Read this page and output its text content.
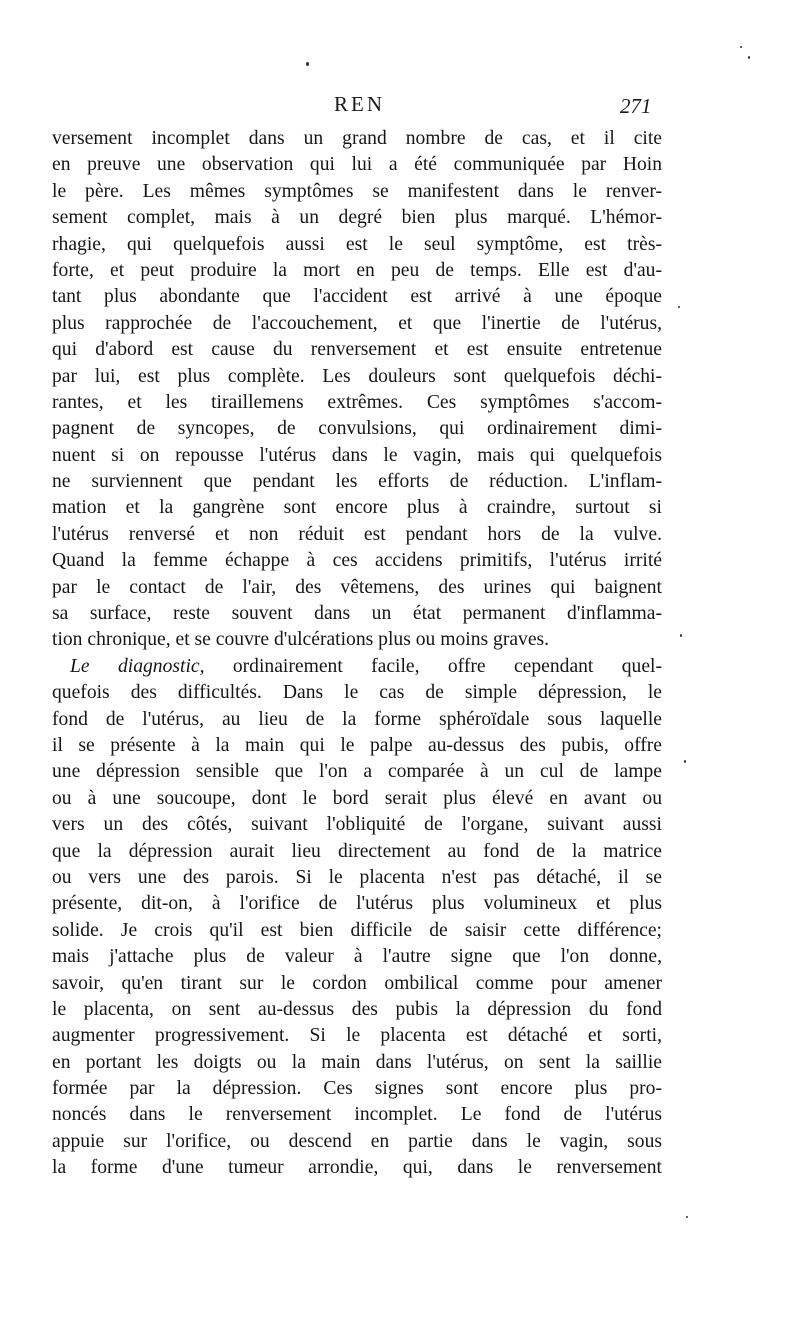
REN	271
versement incomplet dans un grand nombre de cas, et il cite
en preuve une observation qui lui a été communiquée par Hoin
le père. Les mêmes symptômes se manifestent dans le renver-
sement complet, mais à un degré bien plus marqué. L'hémor-
rhagie, qui quelquefois aussi est le seul symptôme, est très-
forte, et peut produire la mort en peu de temps. Elle est d'au-
tant plus abondante que l'accident est arrivé à une époque
plus rapprochée de l'accouchement, et que l'inertie de l'utérus,
qui d'abord est cause du renversement et est ensuite entretenue
par lui, est plus complète. Les douleurs sont quelquefois déchi-
rantes, et les tiraillemens extrêmes. Ces symptômes s'accom-
pagnent de syncopes, de convulsions, qui ordinairement dimi-
nuent si on repousse l'utérus dans le vagin, mais qui quelquefois
ne surviennent que pendant les efforts de réduction. L'inflam-
mation et la gangrène sont encore plus à craindre, surtout si
l'utérus renversé et non réduit est pendant hors de la vulve.
Quand la femme échappe à ces accidens primitifs, l'utérus irrité
par le contact de l'air, des vêtemens, des urines qui baignent
sa surface, reste souvent dans un état permanent d'inflamma-
tion chronique, et se couvre d'ulcérations plus ou moins graves.
Le diagnostic, ordinairement facile, offre cependant quel-
quefois des difficultés. Dans le cas de simple dépression, le
fond de l'utérus, au lieu de la forme sphéroïdale sous laquelle
il se présente à la main qui le palpe au-dessus des pubis, offre
une dépression sensible que l'on a comparée à un cul de lampe
ou à une soucoupe, dont le bord serait plus élevé en avant ou
vers un des côtés, suivant l'obliquité de l'organe, suivant aussi
que la dépression aurait lieu directement au fond de la matrice
ou vers une des parois. Si le placenta n'est pas détaché, il se
présente, dit-on, à l'orifice de l'utérus plus volumineux et plus
solide. Je crois qu'il est bien difficile de saisir cette différence;
mais j'attache plus de valeur à l'autre signe que l'on donne,
savoir, qu'en tirant sur le cordon ombilical comme pour amener
le placenta, on sent au-dessus des pubis la dépression du fond
augmenter progressivement. Si le placenta est détaché et sorti,
en portant les doigts ou la main dans l'utérus, on sent la saillie
formée par la dépression. Ces signes sont encore plus pro-
noncés dans le renversement incomplet. Le fond de l'utérus
appuie sur l'orifice, ou descend en partie dans le vagin, sous
la forme d'une tumeur arrondie, qui, dans le renversement
